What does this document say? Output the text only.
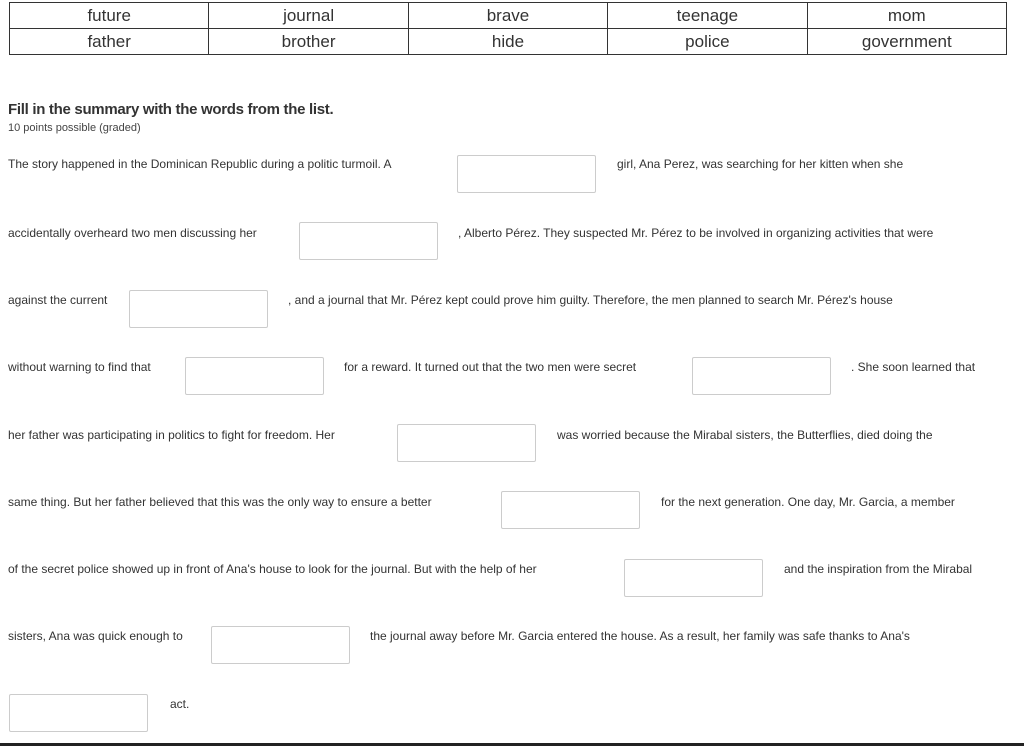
future	journal	brave	teenage	mom
father	brother	hide	police	government
Fill in the summary with the words from the list.
10 points possible (graded)
The story happened in the Dominican Republic during a politic turmoil. A	girl, Ana Perez, was searching for her kitten when she
accidentally overheard two men discussing her	, Alberto Pérez. They suspected Mr. Pérez to be involved in organizing activities that were
against the current	, and a journal that Mr. Pérez kept could prove him guilty. Therefore, the men planned to search Mr. Pérez's house
without warning to find that	for a reward. It turned out that the two men were secret	. She soon learned that
her father was participating in politics to fight for freedom. Her	was worried because the Mirabal sisters, the Butterflies, died doing the
same thing. But her father believed that this was the only way to ensure a better	for the next generation. One day, Mr. Garcia, a member
of the secret police showed up in front of Ana's house to look for the journal. But with the help of her	and the inspiration from the Mirabal
sisters, Ana was quick enough to	the journal away before Mr. Garcia entered the house. As a result, her family was safe thanks to Ana's
act.
